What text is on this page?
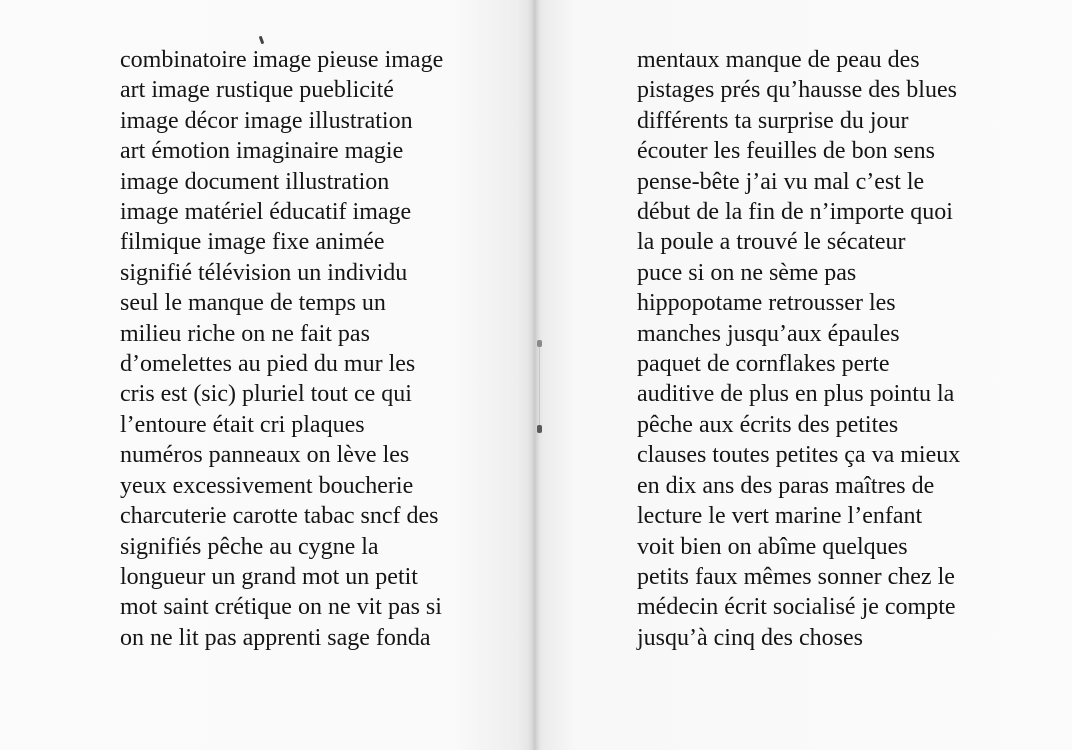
combinatoire image pieuse image
art image rustique pueblicité
image décor image illustration
art émotion imaginaire magie
image document illustration
image matériel éducatif image
filmique image fixe animée
signifié télévision un individu
seul le manque de temps un
milieu riche on ne fait pas
d’omelettes au pied du mur les
cris est (sic) pluriel tout ce qui
l’entoure était cri plaques
numéros panneaux on lève les
yeux excessivement boucherie
charcuterie carotte tabac sncf des
signifiés pêche au cygne la
longueur un grand mot un petit
mot saint crétique on ne vit pas si
on ne lit pas apprenti sage fonda
mentaux manque de peau des
pistages prés qu’hausse des blues
différents ta surprise du jour
écouter les feuilles de bon sens
pense-bête j’ai vu mal c’est le
début de la fin de n’importe quoi
la poule a trouvé le sécateur
puce si on ne sème pas
hippopotame retrousser les
manches jusqu’aux épaules
paquet de cornflakes perte
auditive de plus en plus pointu la
pêche aux écrits des petites
clauses toutes petites ça va mieux
en dix ans des paras maîtres de
lecture le vert marine l’enfant
voit bien on abîme quelques
petits faux mêmes sonner chez le
médecin écrit socialisé je compte
jusqu’à cinq des choses
